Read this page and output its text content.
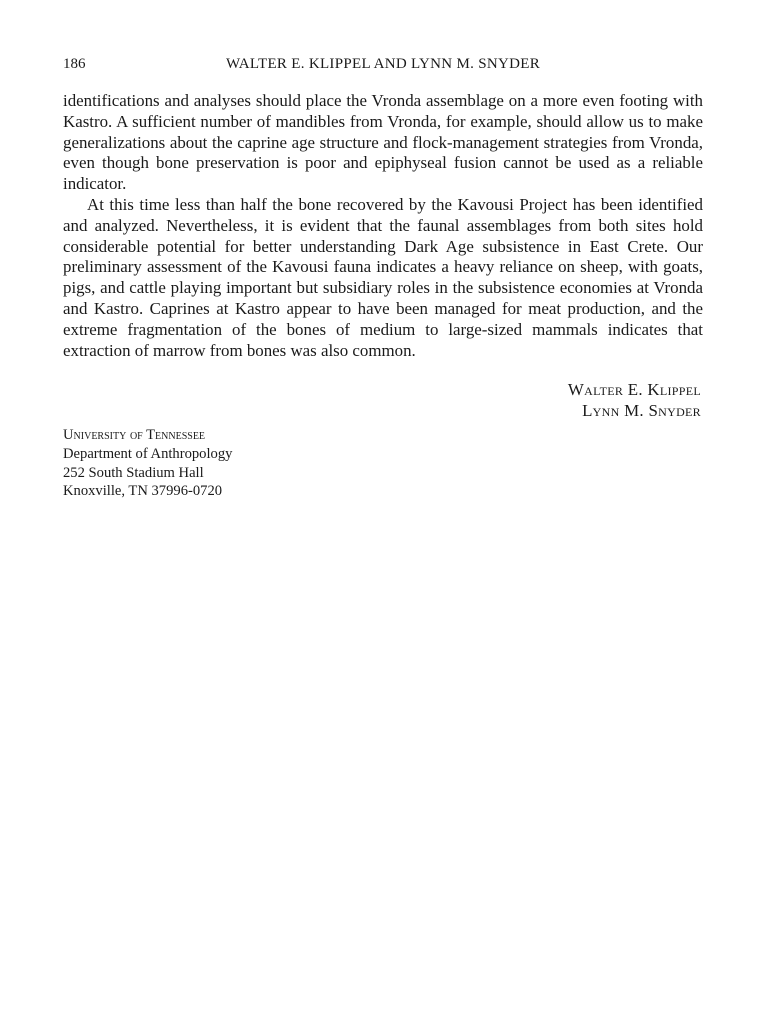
186	WALTER E. KLIPPEL AND LYNN M. SNYDER

identifications and analyses should place the Vronda assemblage on a more even footing with Kastro. A sufficient number of mandibles from Vronda, for example, should allow us to make generalizations about the caprine age structure and flock-management strategies from Vronda, even though bone preservation is poor and epiphyseal fusion cannot be used as a reliable indicator.

At this time less than half the bone recovered by the Kavousi Project has been identified and analyzed. Nevertheless, it is evident that the faunal assemblages from both sites hold considerable potential for better understanding Dark Age subsistence in East Crete. Our preliminary assessment of the Kavousi fauna indicates a heavy reliance on sheep, with goats, pigs, and cattle playing important but subsidiary roles in the subsistence economies at Vronda and Kastro. Caprines at Kastro appear to have been managed for meat production, and the extreme fragmentation of the bones of medium to large-sized mammals indicates that extraction of marrow from bones was also common.

Walter E. Klippel
Lynn M. Snyder
University of Tennessee
Department of Anthropology
252 South Stadium Hall
Knoxville, TN 37996-0720
